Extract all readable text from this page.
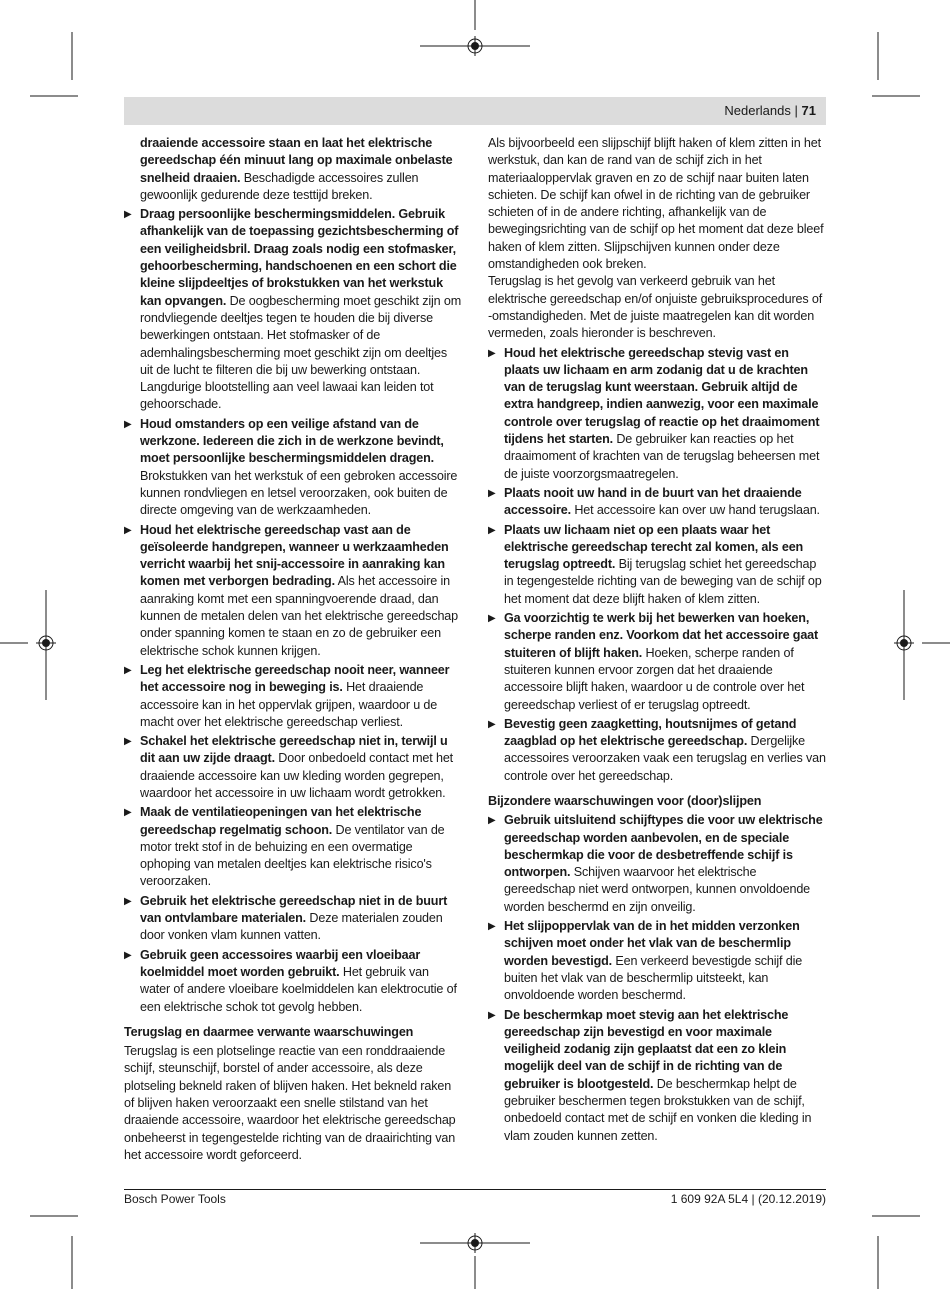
Nederlands | 71

draaiende accessoire staan en laat het elektrische gereedschap één minuut lang op maximale onbelaste snelheid draaien. Beschadigde accessoires zullen gewoonlijk gedurende deze testtijd breken.

▶ Draag persoonlijke beschermingsmiddelen. Gebruik afhankelijk van de toepassing gezichtsbescherming of een veiligheidsbril. Draag zoals nodig een stofmasker, gehoorbescherming, handschoenen en een schort die kleine slijpdeeltjes of brokstukken van het werkstuk kan opvangen. De oogbescherming moet geschikt zijn om rondvliegende deeltjes tegen te houden die bij diverse bewerkingen ontstaan. Het stofmasker of de ademhalingsbescherming moet geschikt zijn om deeltjes uit de lucht te filteren die bij uw bewerking ontstaan. Langdurige blootstelling aan veel lawaai kan leiden tot gehoorschade.
▶ Houd omstanders op een veilige afstand van de werkzone. Iedereen die zich in de werkzone bevindt, moet persoonlijke beschermingsmiddelen dragen. Brokstukken van het werkstuk of een gebroken accessoire kunnen rondvliegen en letsel veroorzaken, ook buiten de directe omgeving van de werkzaamheden.
▶ Houd het elektrische gereedschap vast aan de geïsoleerde handgrepen, wanneer u werkzaamheden verricht waarbij het snij-accessoire in aanraking kan komen met verborgen bedrading. Als het accessoire in aanraking komt met een spanningvoerende draad, dan kunnen de metalen delen van het elektrische gereedschap onder spanning komen te staan en zo de gebruiker een elektrische schok kunnen krijgen.
▶ Leg het elektrische gereedschap nooit neer, wanneer het accessoire nog in beweging is. Het draaiende accessoire kan in het oppervlak grijpen, waardoor u de macht over het elektrische gereedschap verliest.
▶ Schakel het elektrische gereedschap niet in, terwijl u dit aan uw zijde draagt. Door onbedoeld contact met het draaiende accessoire kan uw kleding worden gegrepen, waardoor het accessoire in uw lichaam wordt getrokken.
▶ Maak de ventilatieopeningen van het elektrische gereedschap regelmatig schoon. De ventilator van de motor trekt stof in de behuizing en een overmatige ophoping van metalen deeltjes kan elektrische risico's veroorzaken.
▶ Gebruik het elektrische gereedschap niet in de buurt van ontvlambare materialen. Deze materialen zouden door vonken vlam kunnen vatten.
▶ Gebruik geen accessoires waarbij een vloeibaar koelmiddel moet worden gebruikt. Het gebruik van water of andere vloeibare koelmiddelen kan elektrocutie of een elektrische schok tot gevolg hebben.

Terugslag en daarmee verwante waarschuwingen

Terugslag is een plotselinge reactie van een ronddraaiende schijf, steunschijf, borstel of ander accessoire, als deze plotseling bekneld raken of blijven haken. Het bekneld raken of blijven haken veroorzaakt een snelle stilstand van het draaiende accessoire, waardoor het elektrische gereedschap onbeheerst in tegengestelde richting van de draairichting van het accessoire wordt geforceerd.

Als bijvoorbeeld een slijpschijf blijft haken of klem zitten in het werkstuk, dan kan de rand van de schijf zich in het materiaaloppervlak graven en zo de schijf naar buiten laten schieten. De schijf kan ofwel in de richting van de gebruiker schieten of in de andere richting, afhankelijk van de bewegingsrichting van de schijf op het moment dat deze bleef haken of klem zitten. Slijpschijven kunnen onder deze omstandigheden ook breken.

Terugslag is het gevolg van verkeerd gebruik van het elektrische gereedschap en/of onjuiste gebruiksprocedures of -omstandigheden. Met de juiste maatregelen kan dit worden vermeden, zoals hieronder is beschreven.

▶ Houd het elektrische gereedschap stevig vast en plaats uw lichaam en arm zodanig dat u de krachten van de terugslag kunt weerstaan. Gebruik altijd de extra handgreep, indien aanwezig, voor een maximale controle over terugslag of reactie op het draaimoment tijdens het starten. De gebruiker kan reacties op het draaimoment of krachten van de terugslag beheersen met de juiste voorzorgsmaatregelen.
▶ Plaats nooit uw hand in de buurt van het draaiende accessoire. Het accessoire kan over uw hand terugslaan.
▶ Plaats uw lichaam niet op een plaats waar het elektrische gereedschap terecht zal komen, als een terugslag optreedt. Bij terugslag schiet het gereedschap in tegengestelde richting van de beweging van de schijf op het moment dat deze blijft haken of klem zitten.
▶ Ga voorzichtig te werk bij het bewerken van hoeken, scherpe randen enz. Voorkom dat het accessoire gaat stuiteren of blijft haken. Hoeken, scherpe randen of stuiteren kunnen ervoor zorgen dat het draaiende accessoire blijft haken, waardoor u de controle over het gereedschap verliest of er terugslag optreedt.
▶ Bevestig geen zaagketting, houtsnijmes of getand zaagblad op het elektrische gereedschap. Dergelijke accessoires veroorzaken vaak een terugslag en verlies van controle over het gereedschap.

Bijzondere waarschuwingen voor (door)slijpen

▶ Gebruik uitsluitend schijftypes die voor uw elektrische gereedschap worden aanbevolen, en de speciale beschermkap die voor de desbetreffende schijf is ontworpen. Schijven waarvoor het elektrische gereedschap niet werd ontworpen, kunnen onvoldoende worden beschermd en zijn onveilig.
▶ Het slijpoppervlak van de in het midden verzonken schijven moet onder het vlak van de beschermlip worden bevestigd. Een verkeerd bevestigde schijf die buiten het vlak van de beschermlip uitsteekt, kan onvoldoende worden beschermd.
▶ De beschermkap moet stevig aan het elektrische gereedschap zijn bevestigd en voor maximale veiligheid zodanig zijn geplaatst dat een zo klein mogelijk deel van de schijf in de richting van de gebruiker is blootgesteld. De beschermkap helpt de gebruiker beschermen tegen brokstukken van de schijf, onbedoeld contact met de schijf en vonken die kleding in vlam zouden kunnen zetten.
Bosch Power Tools	1 609 92A 5L4 | (20.12.2019)
